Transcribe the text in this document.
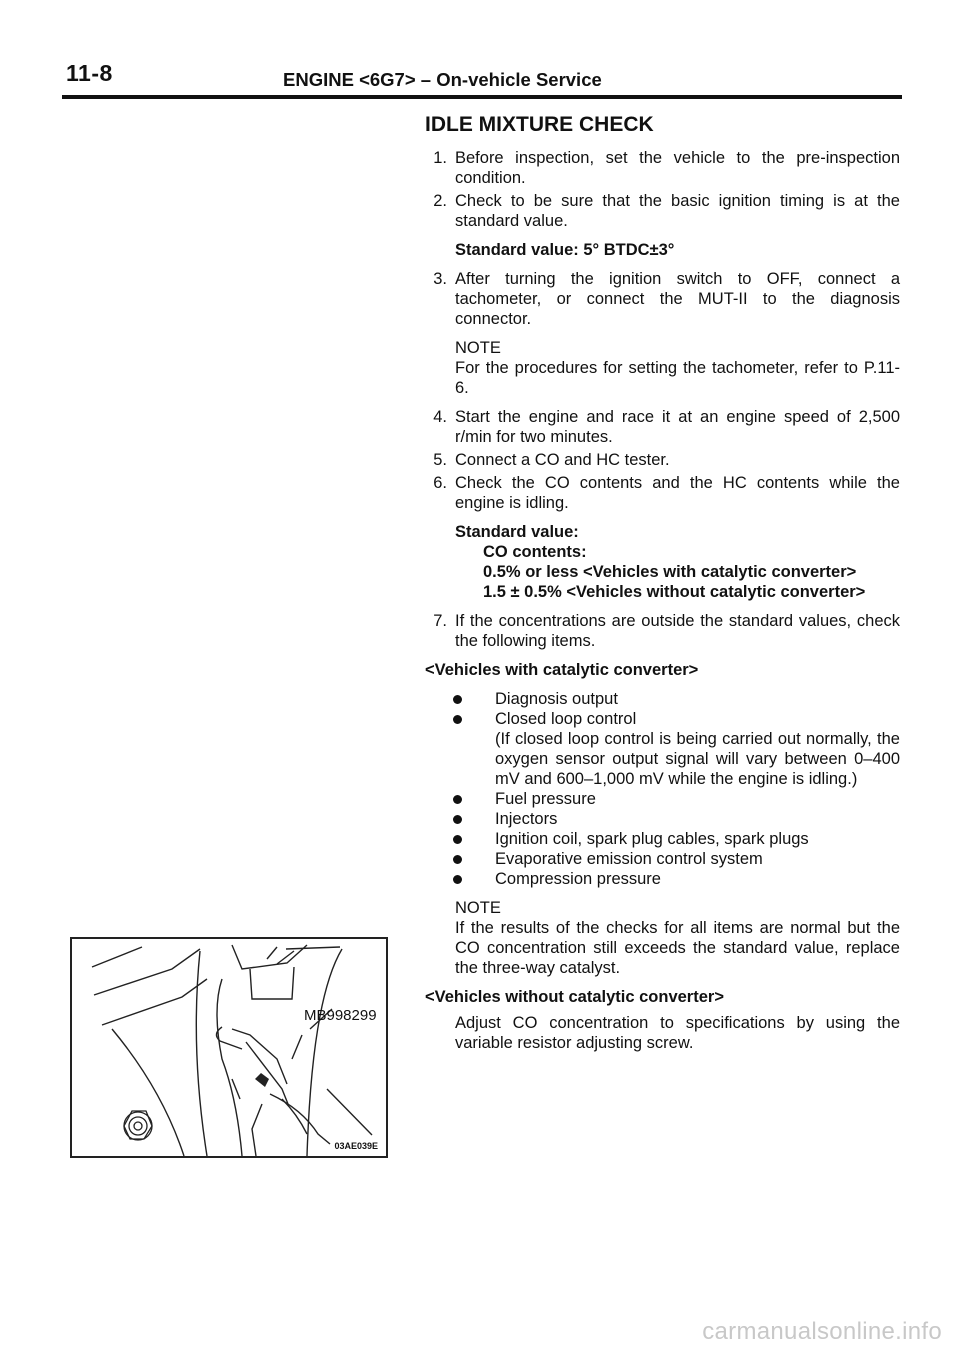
11-8	ENGINE <6G7> – On-vehicle Service
IDLE MIXTURE CHECK
1. Before inspection, set the vehicle to the pre-inspection condition.
2. Check to be sure that the basic ignition timing is at the standard value.
Standard value: 5° BTDC±3°
3. After turning the ignition switch to OFF, connect a tachometer, or connect the MUT-II to the diagnosis connector.
NOTE
For the procedures for setting the tachometer, refer to P.11-6.
4. Start the engine and race it at an engine speed of 2,500 r/min for two minutes.
5. Connect a CO and HC tester.
6. Check the CO contents and the HC contents while the engine is idling.
Standard value:
CO contents:
0.5% or less <Vehicles with catalytic converter>
1.5 ± 0.5% <Vehicles without catalytic converter>
7. If the concentrations are outside the standard values, check the following items.
<Vehicles with catalytic converter>
Diagnosis output
Closed loop control
(If closed loop control is being carried out normally, the oxygen sensor output signal will vary between 0–400 mV and 600–1,000 mV while the engine is idling.)
Fuel pressure
Injectors
Ignition coil, spark plug cables, spark plugs
Evaporative emission control system
Compression pressure
NOTE
If the results of the checks for all items are normal but the CO concentration still exceeds the standard value, replace the three-way catalyst.
<Vehicles without catalytic converter>
Adjust CO concentration to specifications by using the variable resistor adjusting screw.
MB998299
03AE039E
carmanualsonline.info
